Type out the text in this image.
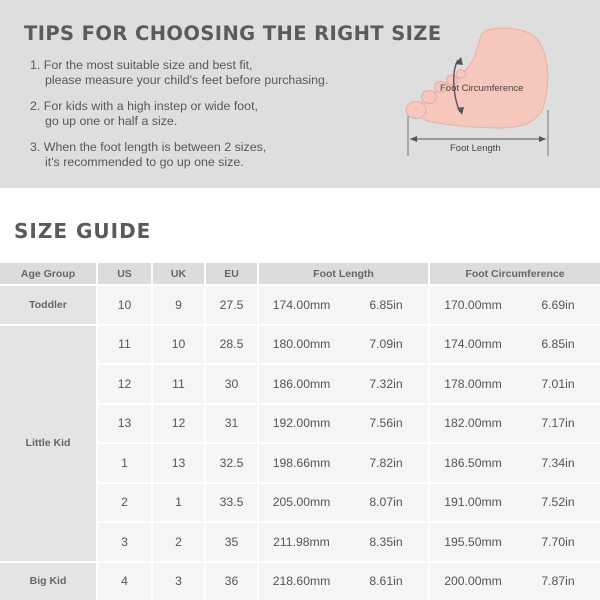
TIPS FOR CHOOSING THE RIGHT SIZE

1. For the most suitable size and best fit,
please measure your child's feet before purchasing.

2. For kids with a high instep or wide foot,
go up one or half a size.

3. When the foot length is between 2 sizes,
it's recommended to go up one size.

Foot Circumference
Foot Length
SIZE GUIDE
Age Group	US	UK	EU	Foot Length		Foot Circumference	
Toddler	10	9	27.5	174.00mm	6.85in	170.00mm	6.69in
Little Kid	11	10	28.5	180.00mm	7.09in	174.00mm	6.85in
	12	11	30	186.00mm	7.32in	178.00mm	7.01in
	13	12	31	192.00mm	7.56in	182.00mm	7.17in
	1	13	32.5	198.66mm	7.82in	186.50mm	7.34in
	2	1	33.5	205.00mm	8.07in	191.00mm	7.52in
	3	2	35	211.98mm	8.35in	195.50mm	7.70in
Big Kid	4	3	36	218.60mm	8.61in	200.00mm	7.87in
